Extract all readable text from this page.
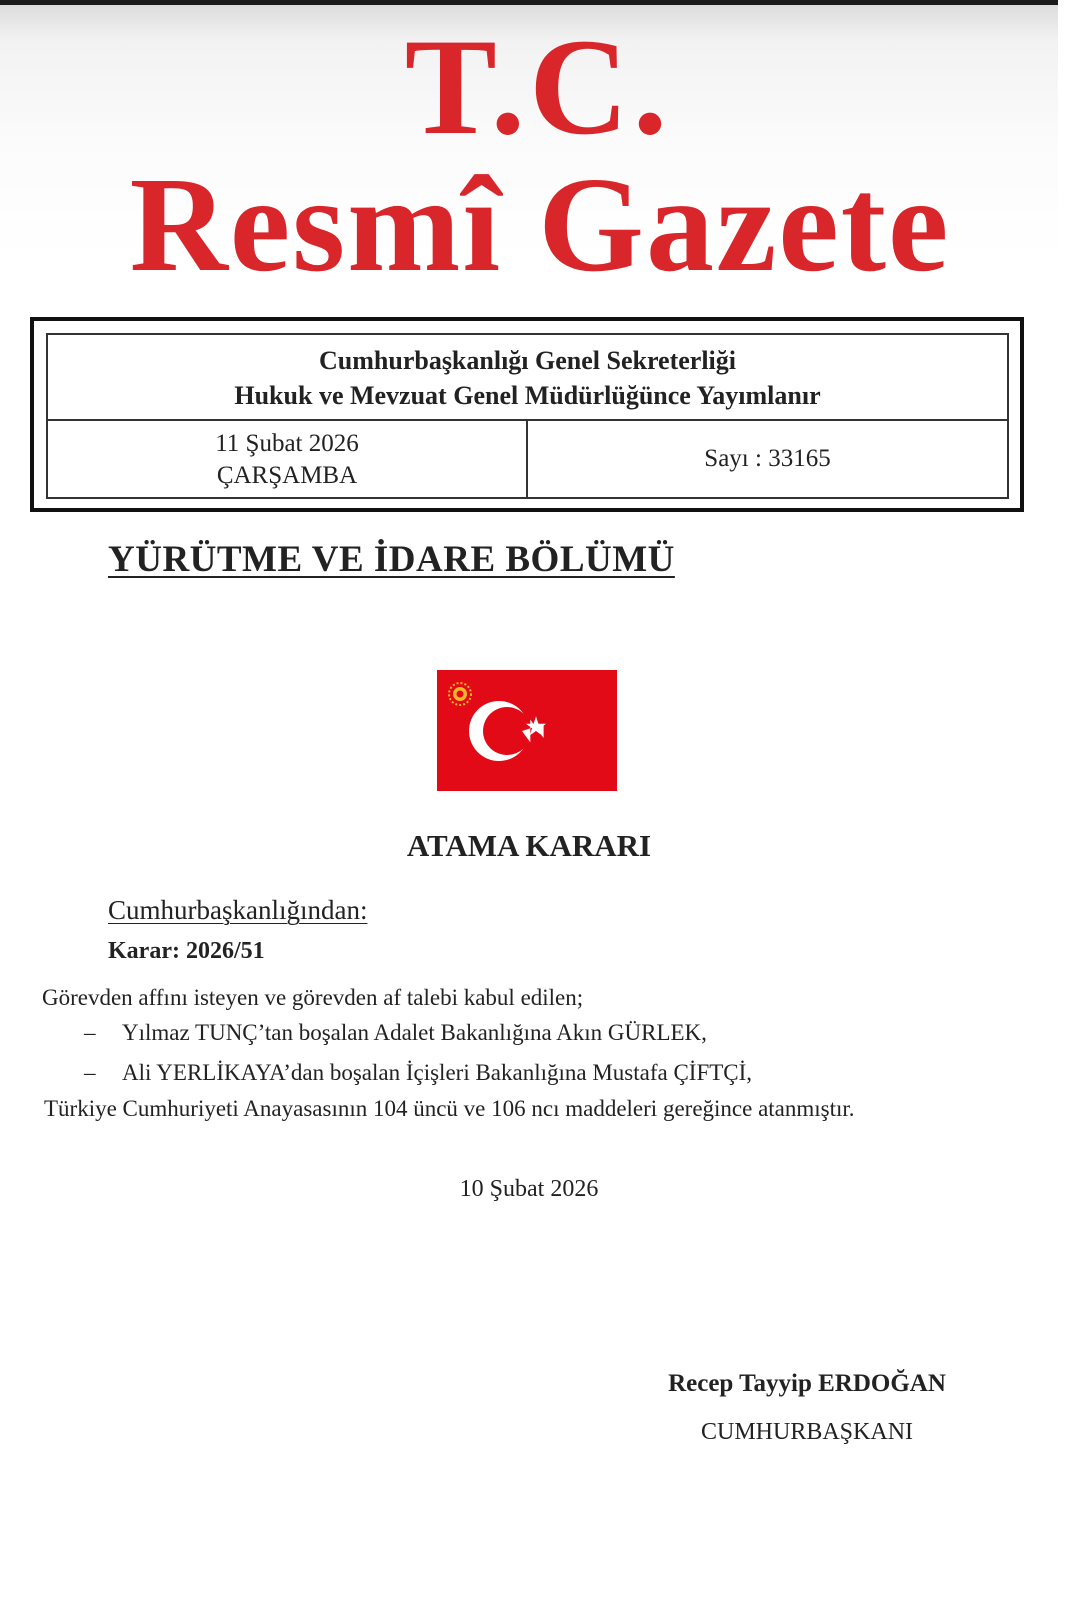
T.C.
Resmî Gazete
Cumhurbaşkanlığı Genel Sekreterliği
Hukuk ve Mevzuat Genel Müdürlüğünce Yayımlanır
11 Şubat 2026
ÇARŞAMBA
Sayı : 33165
YÜRÜTME VE İDARE BÖLÜMÜ
ATAMA KARARI
Cumhurbaşkanlığından:
Karar: 2026/51
Görevden affını isteyen ve görevden af talebi kabul edilen;
– Yılmaz TUNÇ’tan boşalan Adalet Bakanlığına Akın GÜRLEK,
– Ali YERLİKAYA’dan boşalan İçişleri Bakanlığına Mustafa ÇİFTÇİ,
Türkiye Cumhuriyeti Anayasasının 104 üncü ve 106 ncı maddeleri gereğince atanmıştır.
10 Şubat 2026
Recep Tayyip ERDOĞAN
CUMHURBAŞKANI
